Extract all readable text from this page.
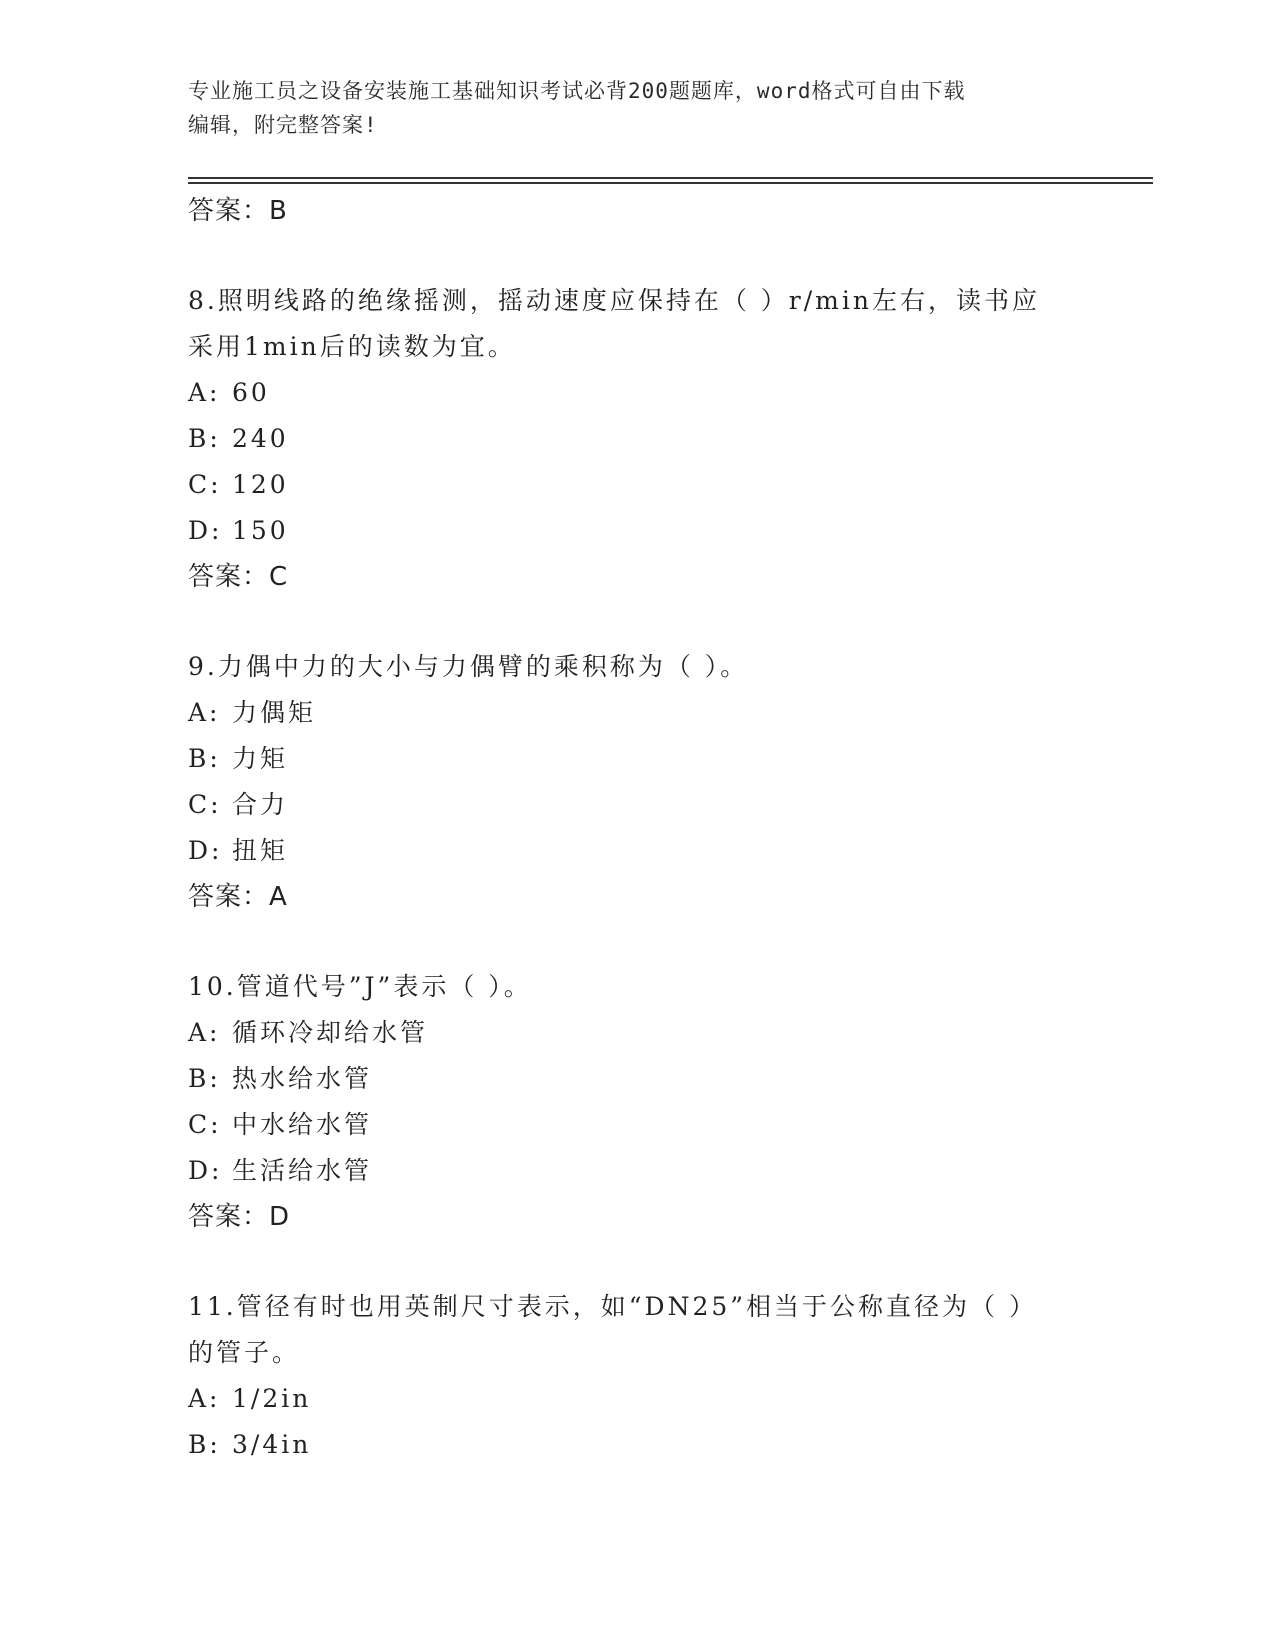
专业施工员之设备安装施工基础知识考试必背200题题库，word格式可自由下载
编辑，附完整答案!
答案：B
8.照明线路的绝缘摇测，摇动速度应保持在（ ）r/min左右，读书应
采用1min后的读数为宜。
A: 60
B: 240
C: 120
D: 150
答案：C
9.力偶中力的大小与力偶臂的乘积称为（ ）。
A: 力偶矩
B: 力矩
C: 合力
D: 扭矩
答案：A
10.管道代号”J”表示（ ）。
A: 循环冷却给水管
B: 热水给水管
C: 中水给水管
D: 生活给水管
答案：D
11.管径有时也用英制尺寸表示，如“DN25”相当于公称直径为（ ）
的管子。
A: 1/2in
B: 3/4in
